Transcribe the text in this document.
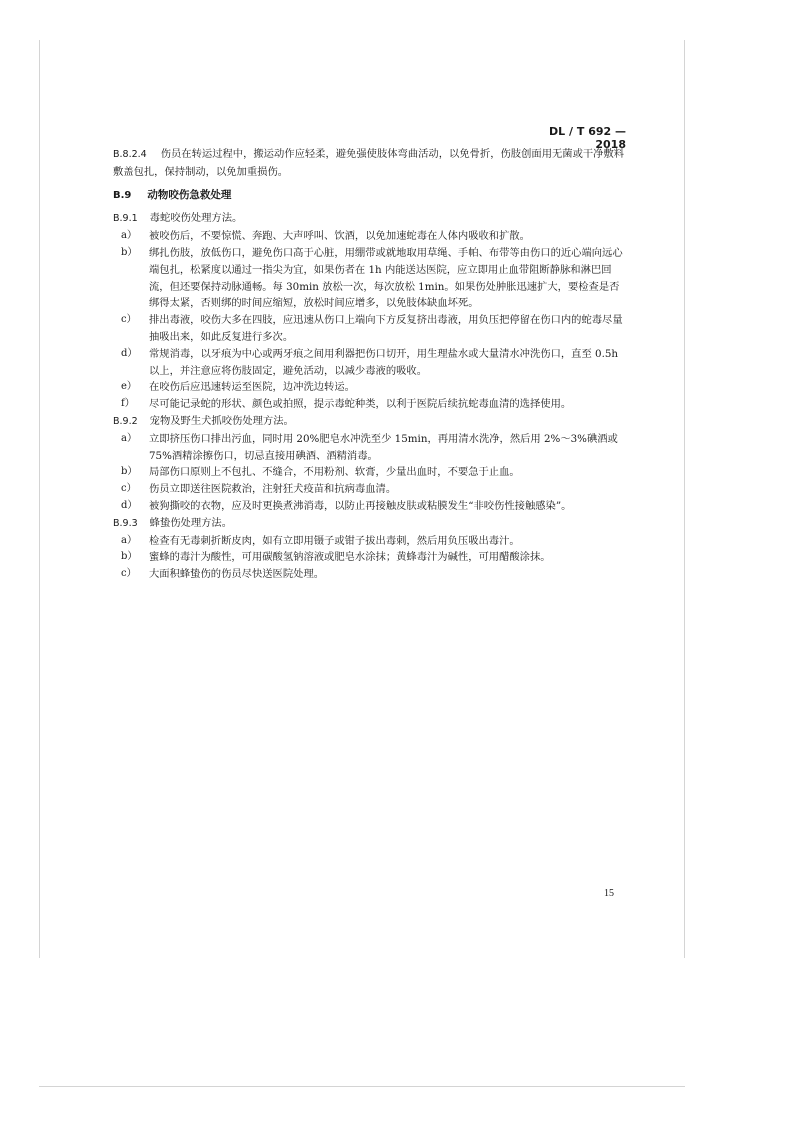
DL / T 692 — 2018

B.8.2.4 伤员在转运过程中，搬运动作应轻柔，避免强使肢体弯曲活动，以免骨折，伤肢创面用无菌或干净敷料敷盖包扎，保持制动，以免加重损伤。

B.9 动物咬伤急救处理

B.9.1 毒蛇咬伤处理方法。

a）	被咬伤后，不要惊慌、奔跑、大声呼叫、饮酒，以免加速蛇毒在人体内吸收和扩散。
b）	绑扎伤肢，放低伤口，避免伤口高于心脏，用绷带或就地取用草绳、手帕、布带等由伤口的近心端向远心端包扎，松紧度以通过一指尖为宜，如果伤者在 1h 内能送达医院，应立即用止血带阻断静脉和淋巴回流，但还要保持动脉通畅。每 30min 放松一次，每次放松 1min。如果伤处肿胀迅速扩大，要检查是否绑得太紧，否则绑的时间应缩短，放松时间应增多，以免肢体缺血坏死。
c）	排出毒液，咬伤大多在四肢，应迅速从伤口上端向下方反复挤出毒液，用负压把停留在伤口内的蛇毒尽量抽吸出来，如此反复进行多次。
d）	常规消毒，以牙痕为中心或两牙痕之间用利器把伤口切开，用生理盐水或大量清水冲洗伤口，直至 0.5h 以上，并注意应将伤肢固定，避免活动，以减少毒液的吸收。
e）	在咬伤后应迅速转运至医院，边冲洗边转运。
f）	尽可能记录蛇的形状、颜色或拍照，提示毒蛇种类，以利于医院后续抗蛇毒血清的选择使用。

B.9.2 宠物及野生犬抓咬伤处理方法。

a）	立即挤压伤口排出污血，同时用 20%肥皂水冲洗至少 15min，再用清水洗净，然后用 2%～3%碘酒或 75%酒精涂擦伤口，切忌直接用碘酒、酒精消毒。
b）	局部伤口原则上不包扎、不缝合，不用粉剂、软膏，少量出血时，不要急于止血。
c）	伤员立即送往医院救治，注射狂犬疫苗和抗病毒血清。
d）	被狗撕咬的衣物，应及时更换煮沸消毒，以防止再接触皮肤或粘膜发生“非咬伤性接触感染”。

B.9.3 蜂蛰伤处理方法。

a）	检查有无毒刺折断皮肉，如有立即用镊子或钳子拔出毒刺，然后用负压吸出毒汁。
b）	蜜蜂的毒汁为酸性，可用碳酸氢钠溶液或肥皂水涂抹；黄蜂毒汁为碱性，可用醋酸涂抹。
c）	大面积蜂蛰伤的伤员尽快送医院处理。
15
